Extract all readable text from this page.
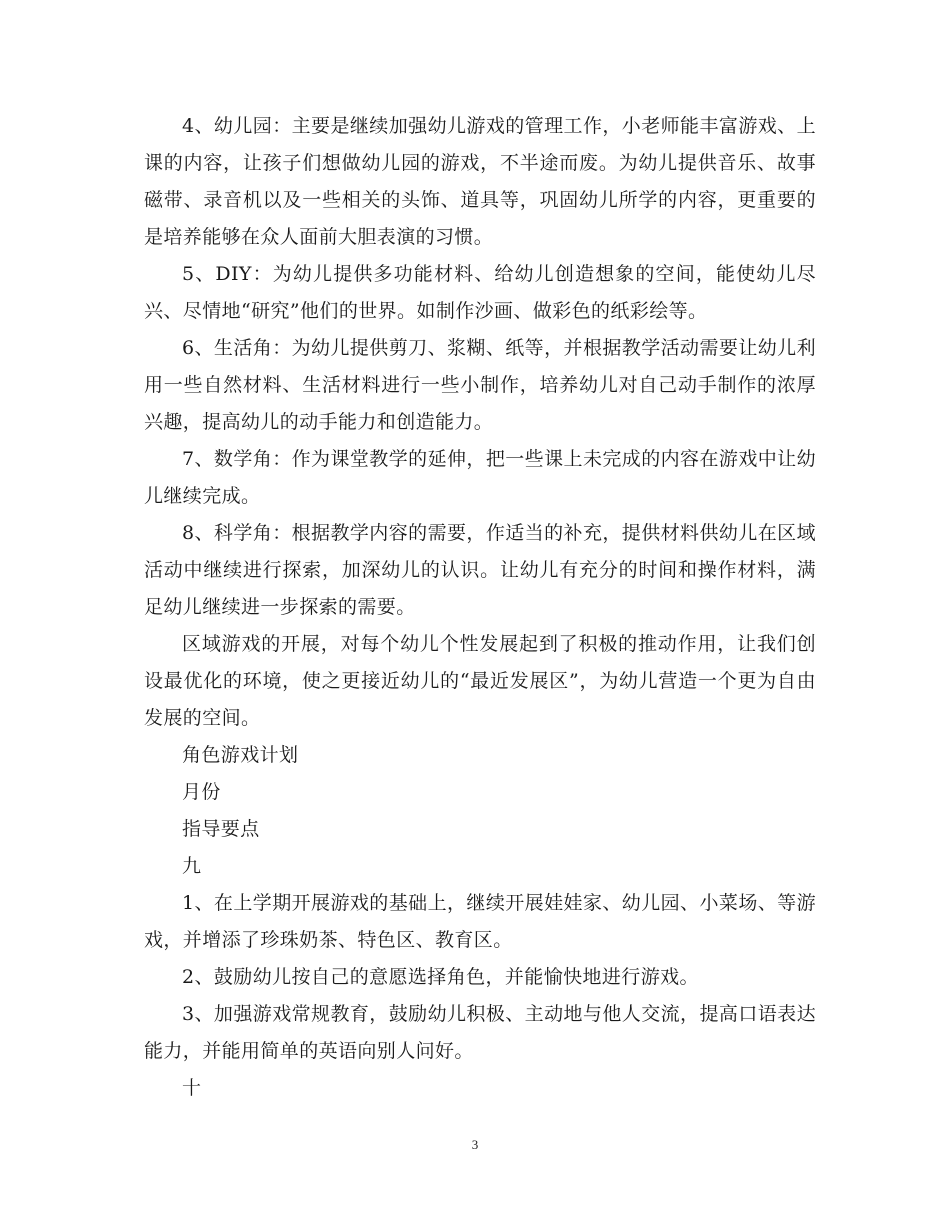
4、幼儿园：主要是继续加强幼儿游戏的管理工作，小老师能丰富游戏、上课的内容，让孩子们想做幼儿园的游戏，不半途而废。为幼儿提供音乐、故事磁带、录音机以及一些相关的头饰、道具等，巩固幼儿所学的内容，更重要的是培养能够在众人面前大胆表演的习惯。

5、DIY：为幼儿提供多功能材料、给幼儿创造想象的空间，能使幼儿尽兴、尽情地“研究”他们的世界。如制作沙画、做彩色的纸彩绘等。

6、生活角：为幼儿提供剪刀、浆糊、纸等，并根据教学活动需要让幼儿利用一些自然材料、生活材料进行一些小制作，培养幼儿对自己动手制作的浓厚兴趣，提高幼儿的动手能力和创造能力。

7、数学角：作为课堂教学的延伸，把一些课上未完成的内容在游戏中让幼儿继续完成。

8、科学角：根据教学内容的需要，作适当的补充，提供材料供幼儿在区域活动中继续进行探索，加深幼儿的认识。让幼儿有充分的时间和操作材料，满足幼儿继续进一步探索的需要。

区域游戏的开展，对每个幼儿个性发展起到了积极的推动作用，让我们创设最优化的环境，使之更接近幼儿的“最近发展区”，为幼儿营造一个更为自由发展的空间。

角色游戏计划

月份

指导要点

九

1、在上学期开展游戏的基础上，继续开展娃娃家、幼儿园、小菜场、等游戏，并增添了珍珠奶茶、特色区、教育区。

2、鼓励幼儿按自己的意愿选择角色，并能愉快地进行游戏。

3、加强游戏常规教育，鼓励幼儿积极、主动地与他人交流，提高口语表达能力，并能用简单的英语向别人问好。

十

3
